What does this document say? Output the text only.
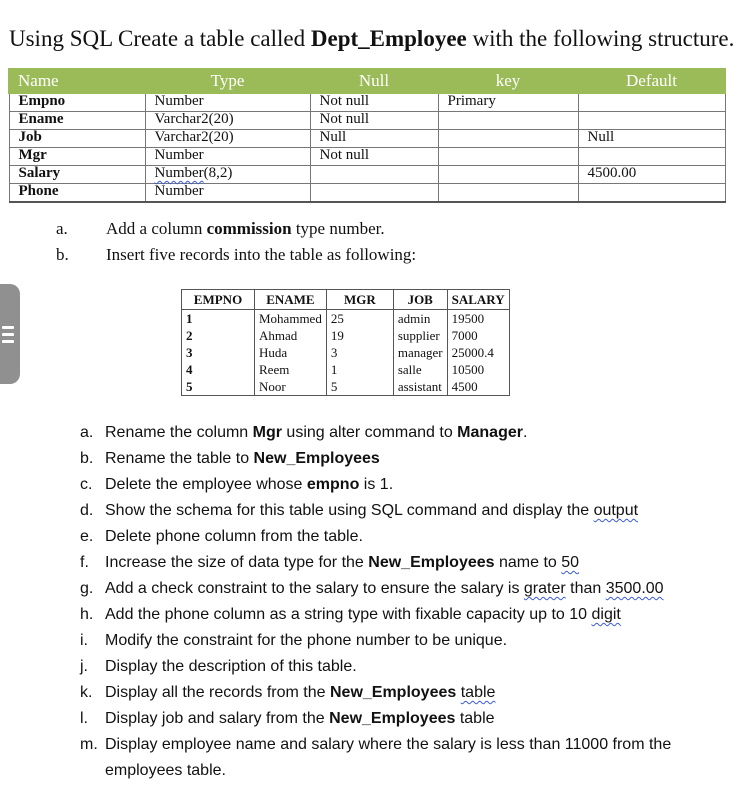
Using SQL Create a table called Dept_Employee with the following structure.
Name	Type	Null	key	Default
Empno	Number	Not null	Primary	
Ename	Varchar2(20)	Not null		
Job	Varchar2(20)	Null		Null
Mgr	Number	Not null		
Salary	Number(8,2)			4500.00
Phone	Number			
a. Add a column commission type number.
b. Insert five records into the table as following:
EMPNO	ENAME	MGR	JOB	SALARY
1	Mohammed	25	admin	19500
2	Ahmad	19	supplier	7000
3	Huda	3	manager	25000.4
4	Reem	1	salle	10500
5	Noor	5	assistant	4500
a. Rename the column Mgr using alter command to Manager.
b. Rename the table to New_Employees
c. Delete the employee whose empno is 1.
d. Show the schema for this table using SQL command and display the output
e. Delete phone column from the table.
f.	Increase the size of data type for the New_Employees name to 50
g. Add a check constraint to the salary to ensure the salary is grater than 3500.00
h. Add the phone column as a string type with fixable capacity up to 10 digit
i.	Modify the constraint for the phone number to be unique.
j.	Display the description of this table.
k. Display all the records from the New_Employees table
l.	Display job and salary from the New_Employees table
m. Display employee name and salary where the salary is less than 11000 from the employees table.
